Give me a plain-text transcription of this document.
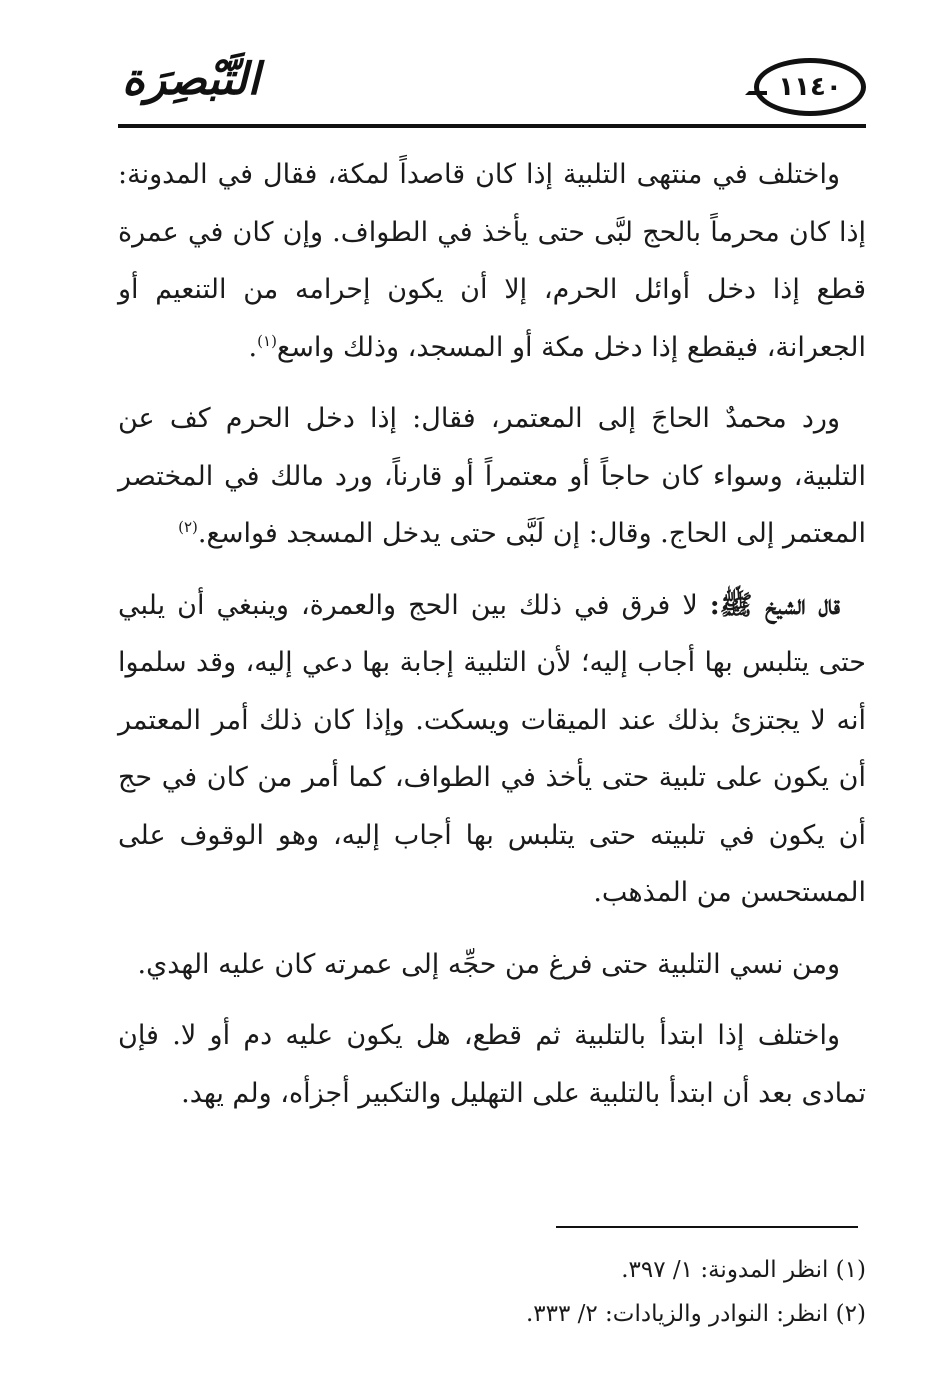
١١٤٠
التَّبْصِرَة

واختلف في منتهى التلبية إذا كان قاصداً لمكة، فقال في المدونة: إذا كان محرماً بالحج لبَّى حتى يأخذ في الطواف. وإن كان في عمرة قطع إذا دخل أوائل الحرم، إلا أن يكون إحرامه من التنعيم أو الجعرانة، فيقطع إذا دخل مكة أو المسجد، وذلك واسع$^{(١)}$.

ورد محمدٌ الحاجَ إلى المعتمر، فقال: إذا دخل الحرم كف عن التلبية، وسواء كان حاجاً أو معتمراً أو قارناً، ورد مالك في المختصر المعتمر إلى الحاج. وقال: إن لَبَّى حتى يدخل المسجد فواسع.$^{(٢)}$

قال الشيخ ﷺ: لا فرق في ذلك بين الحج والعمرة، وينبغي أن يلبي حتى يتلبس بها أجاب إليه؛ لأن التلبية إجابة بها دعي إليه، وقد سلموا أنه لا يجتزئ بذلك عند الميقات ويسكت. وإذا كان ذلك أمر المعتمر أن يكون على تلبية حتى يأخذ في الطواف، كما أمر من كان في حج أن يكون في تلبيته حتى يتلبس بها أجاب إليه، وهو الوقوف على المستحسن من المذهب.

ومن نسي التلبية حتى فرغ من حجِّه إلى عمرته كان عليه الهدي.

واختلف إذا ابتدأ بالتلبية ثم قطع، هل يكون عليه دم أو لا. فإن تمادى بعد أن ابتدأ بالتلبية على التهليل والتكبير أجزأه، ولم يهد.

(١) انظر المدونة: ١/ ٣٩٧.
(٢) انظر: النوادر والزيادات: ٢/ ٣٣٣.
